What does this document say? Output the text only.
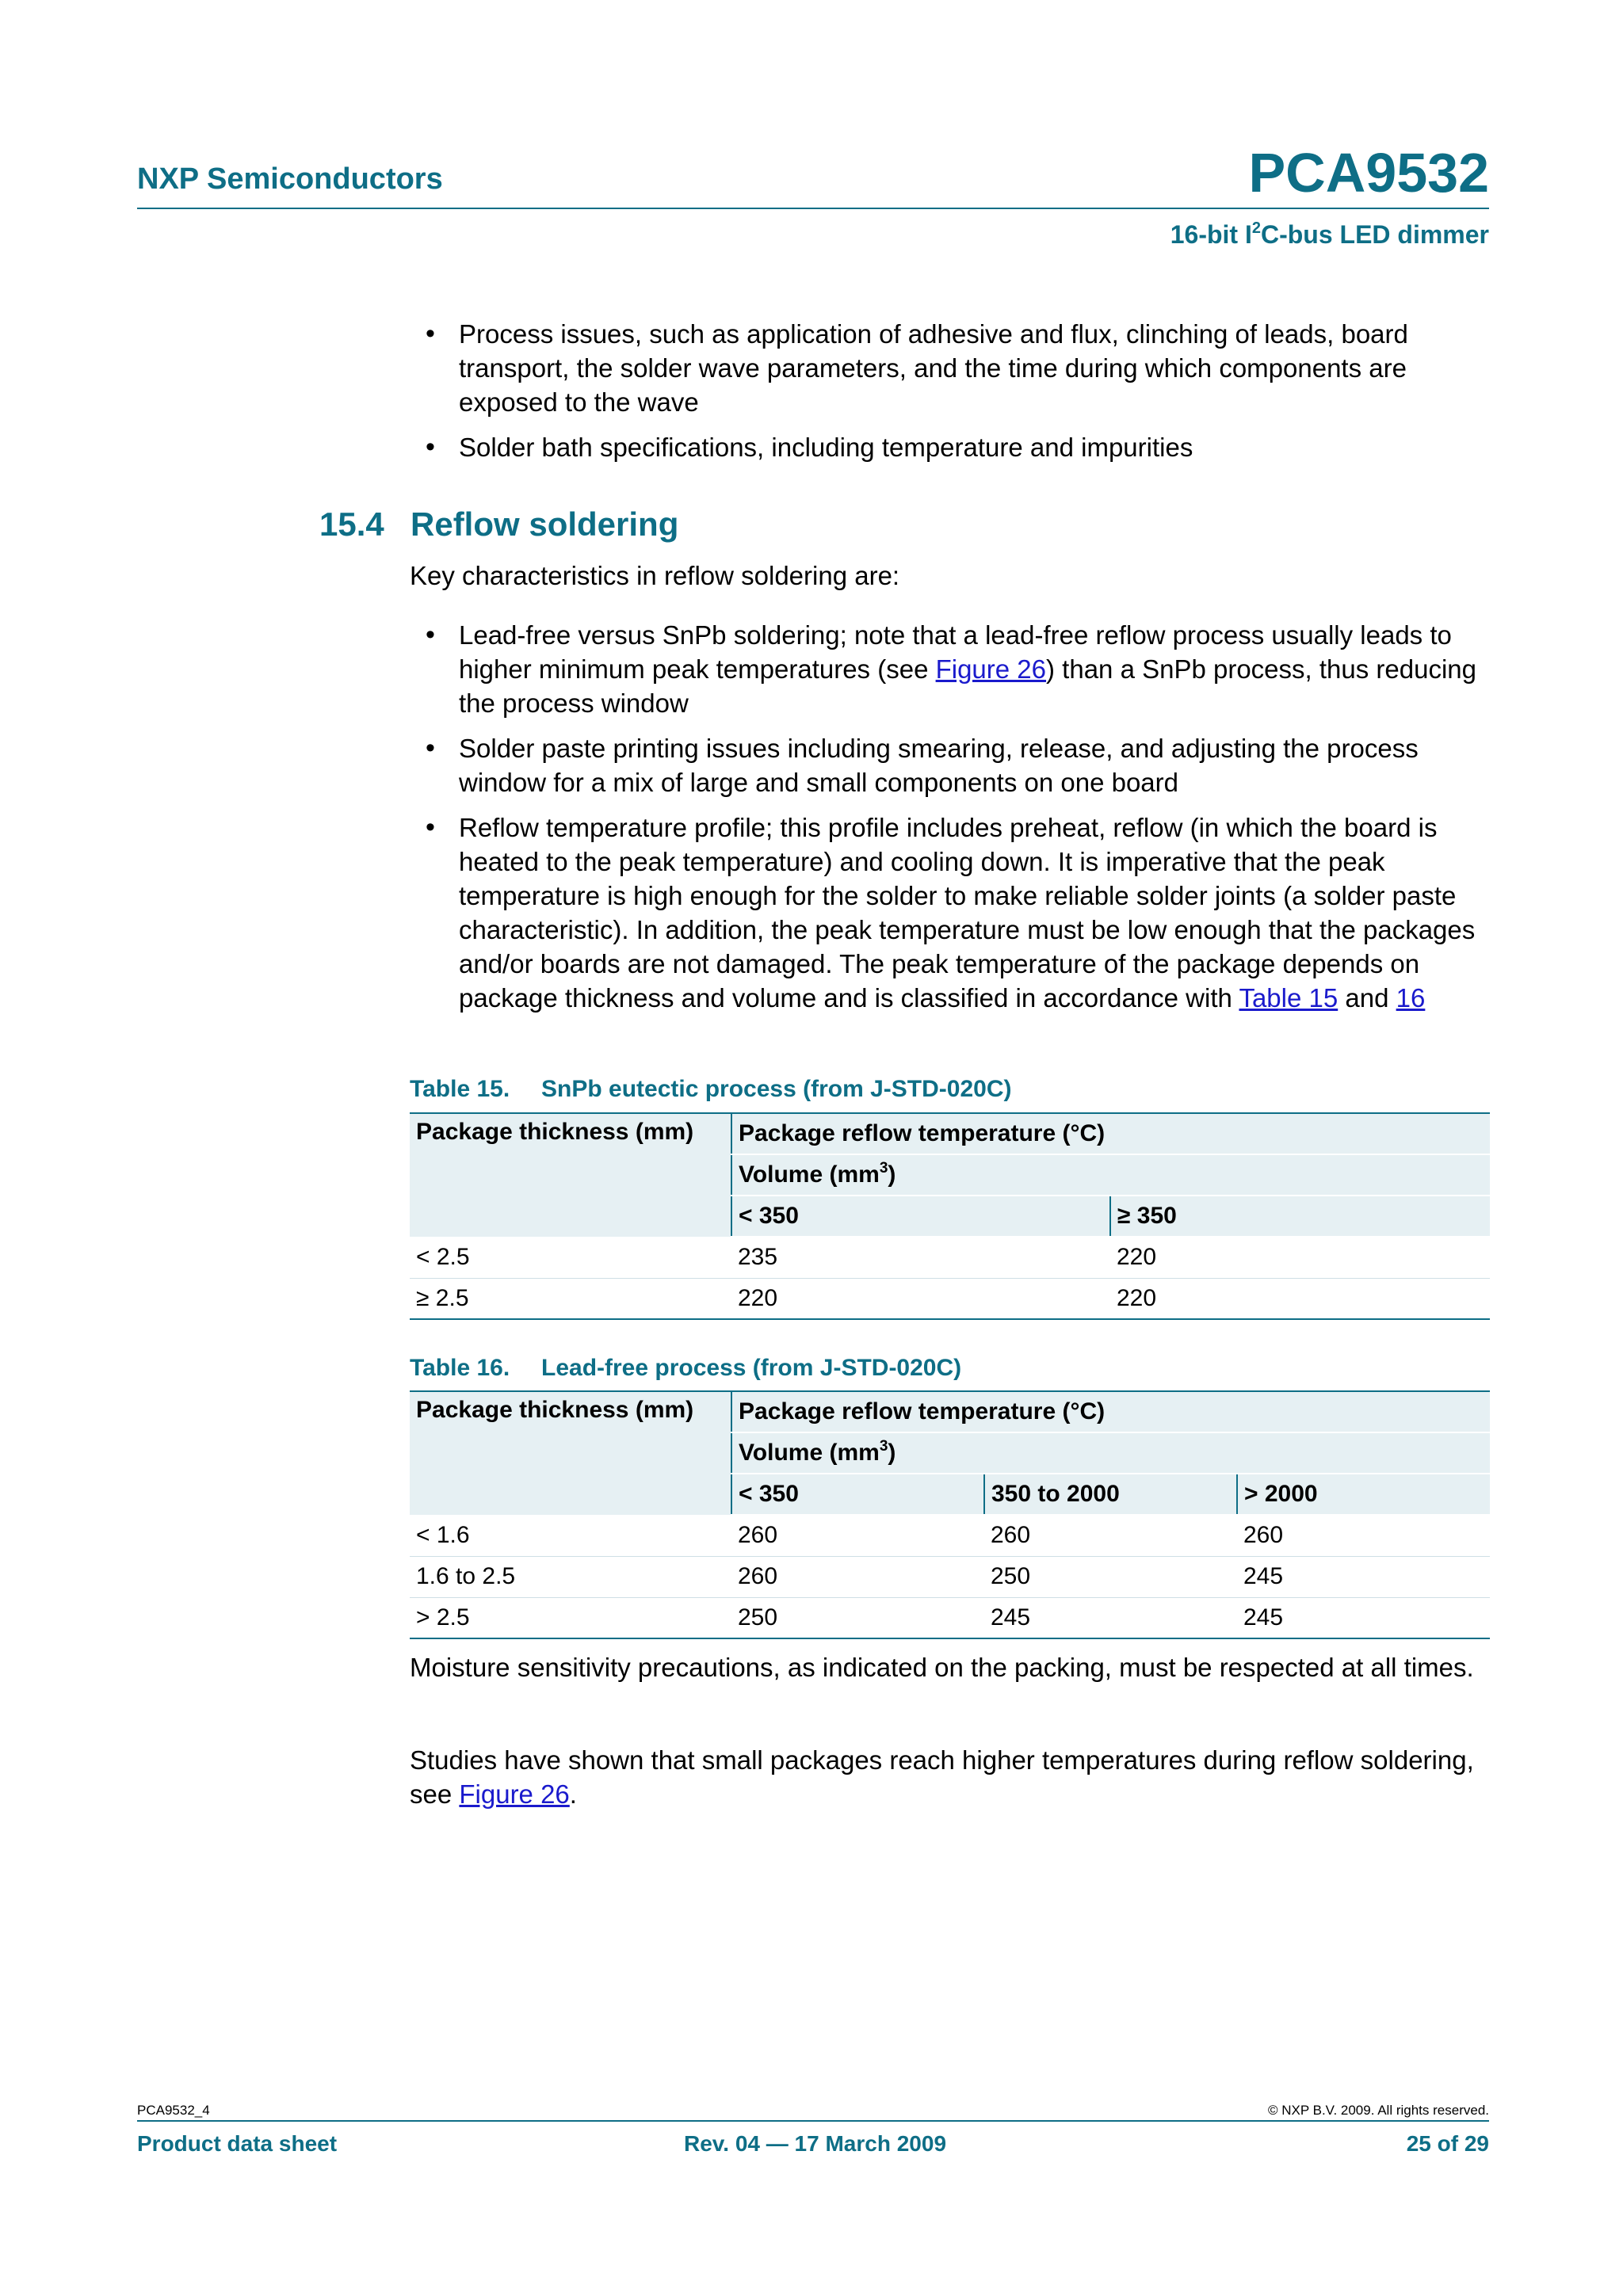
NXP Semiconductors	PCA9532
16-bit $I^2C$-bus LED dimmer
• Process issues, such as application of adhesive and flux, clinching of leads, board transport, the solder wave parameters, and the time during which components are exposed to the wave
• Solder bath specifications, including temperature and impurities
15.4 Reflow soldering

Key characteristics in reflow soldering are:

• Lead-free versus SnPb soldering; note that a lead-free reflow process usually leads to higher minimum peak temperatures (see Figure 26) than a SnPb process, thus reducing the process window
• Solder paste printing issues including smearing, release, and adjusting the process window for a mix of large and small components on one board
• Reflow temperature profile; this profile includes preheat, reflow (in which the board is heated to the peak temperature) and cooling down. It is imperative that the peak temperature is high enough for the solder to make reliable solder joints (a solder paste characteristic). In addition, the peak temperature must be low enough that the packages and/or boards are not damaged. The peak temperature of the package depends on package thickness and volume and is classified in accordance with Table 15 and 16
Table 15. SnPb eutectic process (from J-STD-020C)
Package thickness (mm)	Package reflow temperature (°C)	
	Volume $(mm^3)$	
	< 350	≥ 350
< 2.5	235	220
≥ 2.5	220	220
Table 16. Lead-free process (from J-STD-020C)
Package thickness (mm)	Package reflow temperature (°C)		
	Volume $(mm^3)$		
	< 350	350 to 2000	> 2000
< 1.6	260	260	260
1.6 to 2.5	260	250	245
> 2.5	250	245	245

Moisture sensitivity precautions, as indicated on the packing, must be respected at all times.

Studies have shown that small packages reach higher temperatures during reflow soldering, see Figure 26.

PCA9532_4	© NXP B.V. 2009. All rights reserved.
Product data sheet	Rev. 04 — 17 March 2009	25 of 29
